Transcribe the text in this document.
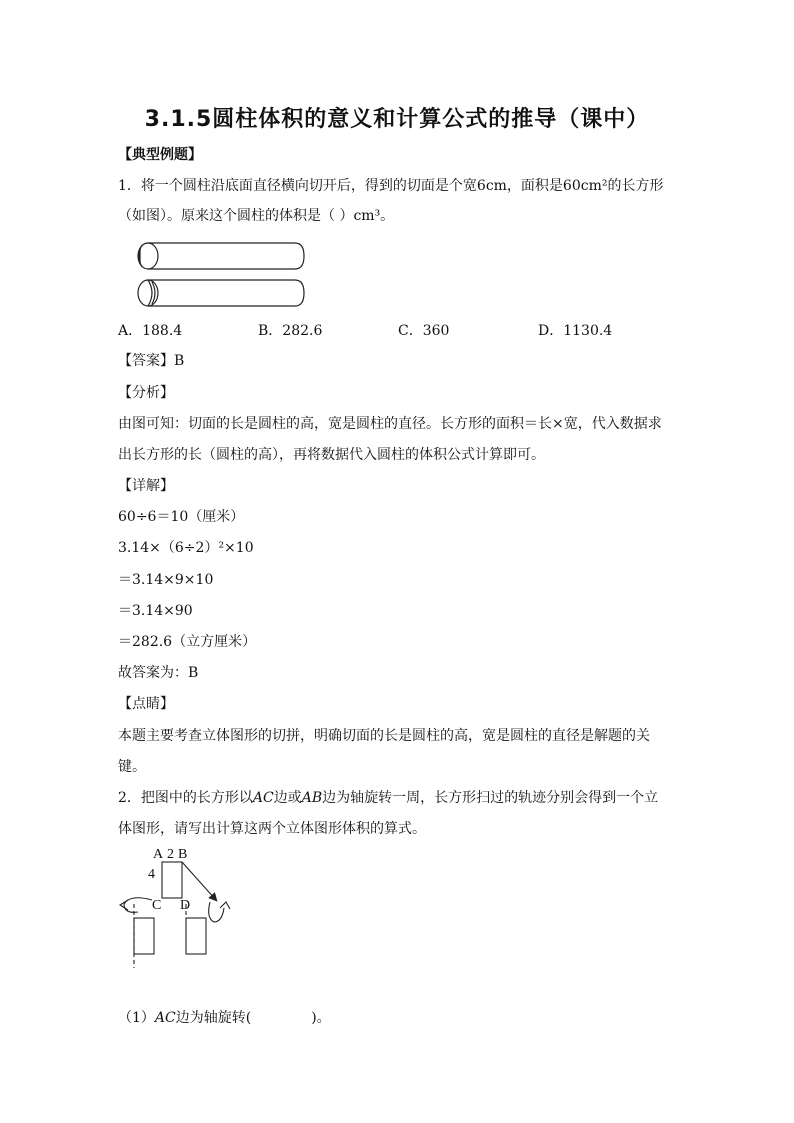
3.1.5圆柱体积的意义和计算公式的推导（课中）
【典型例题】
1．将一个圆柱沿底面直径横向切开后，得到的切面是个宽6cm，面积是60cm²的长方形
（如图）。原来这个圆柱的体积是（ ）cm³。
A．188.4	B．282.6	C．360	D．1130.4
【答案】B
【分析】
由图可知：切面的长是圆柱的高，宽是圆柱的直径。长方形的面积＝长×宽，代入数据求
出长方形的长（圆柱的高），再将数据代入圆柱的体积公式计算即可。
【详解】
60÷6＝10（厘米）
3.14×（6÷2）²×10
＝3.14×9×10
＝3.14×90
＝282.6（立方厘米）
故答案为：B
【点睛】
本题主要考查立体图形的切拼，明确切面的长是圆柱的高，宽是圆柱的直径是解题的关
键。
2．把图中的长方形以AC边或AB边为轴旋转一周，长方形扫过的轨迹分别会得到一个立
体图形，请写出计算这两个立体图形体积的算式。
A 2 B
4
C D
（1）AC边为轴旋转(	)。
